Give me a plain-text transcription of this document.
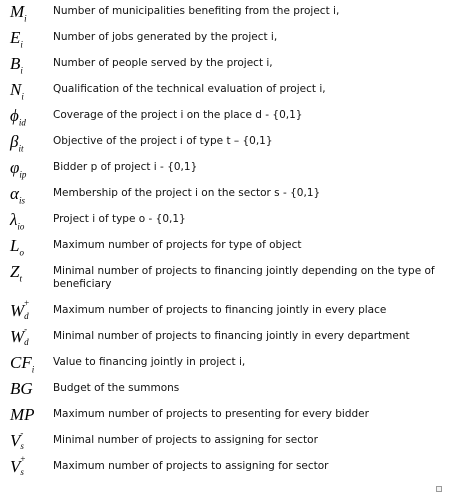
$M_i$
Number of municipalities benefiting from the project i,
$E_i$
Number of jobs generated by the project i,
$B_i$
Number of people served by the project i,
$N_i$
Qualification of the technical evaluation of project i,
$\phi_{id}$
Coverage of the project i on the place d - {0,1}
$\beta_{it}$
Objective of the project i of type t – {0,1}
$\varphi_{ip}$
Bidder p of project i - {0,1}
$\alpha_{is}$
Membership of the project i on the sector s - {0,1}
$\lambda_{io}$
Project i of type o - {0,1}
$L_o$
Maximum number of projects for type of object
$Z_t$
Minimal number of projects to financing jointly depending on the type of beneficiary
W +
d
Maximum number of projects to financing jointly in every place
W -
d
Minimal number of projects to financing jointly in every department
$CF_i$
Value to financing jointly in project i,
BG	Budget of the summons
MP	Maximum number of projects to presenting for every bidder
V -
s
Minimal number of projects to assigning for sector
V +
s
Maximum number of projects to assigning for sector
